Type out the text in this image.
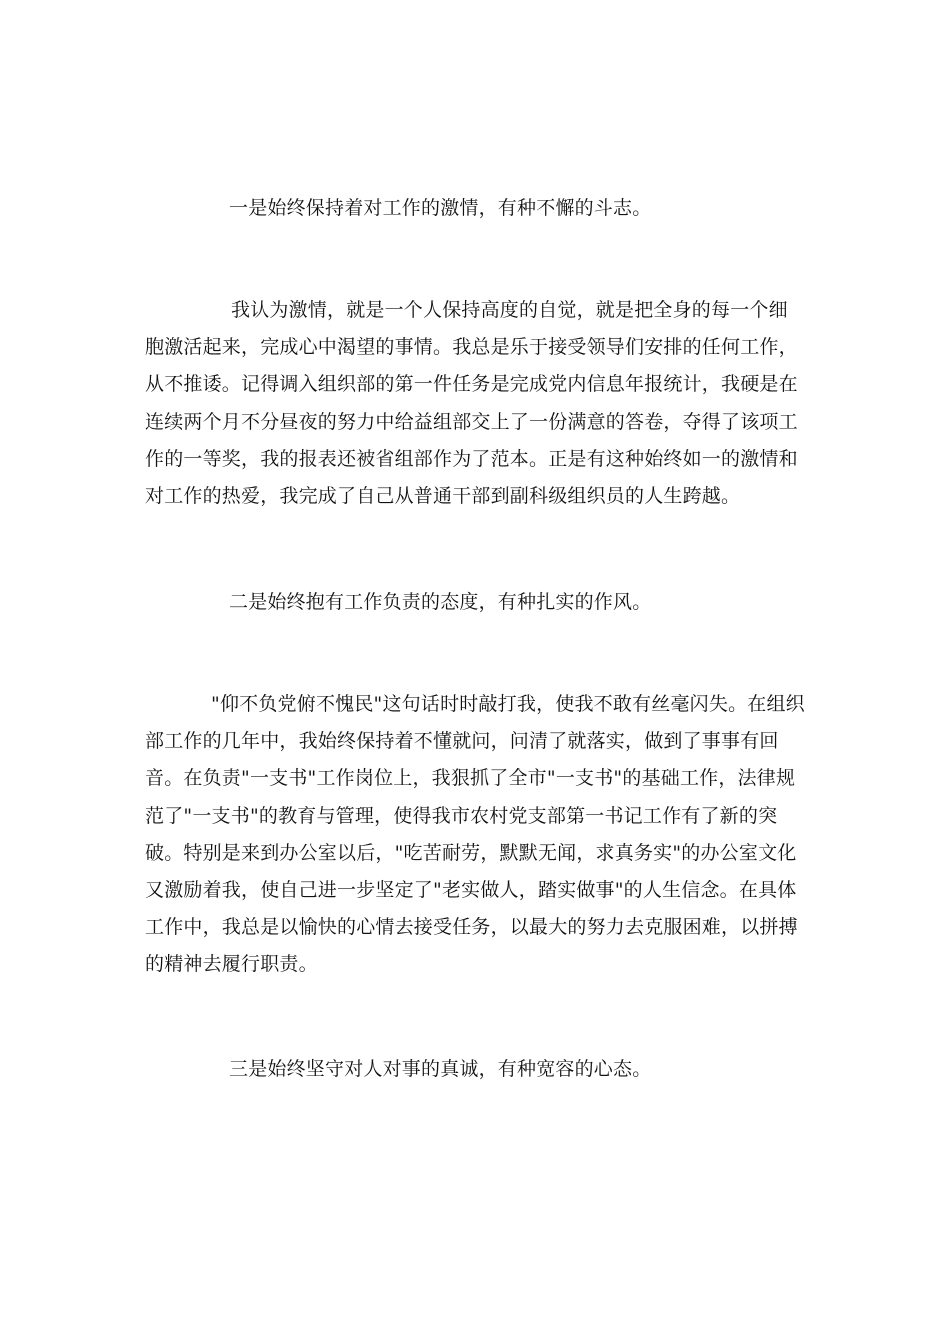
一是始终保持着对工作的激情，有种不懈的斗志。

我认为激情，就是一个人保持高度的自觉，就是把全身的每一个细胞激活起来，完成心中渴望的事情。我总是乐于接受领导们安排的任何工作，从不推诿。记得调入组织部的第一件任务是完成党内信息年报统计，我硬是在连续两个月不分昼夜的努力中给益组部交上了一份满意的答卷，夺得了该项工作的一等奖，我的报表还被省组部作为了范本。正是有这种始终如一的激情和对工作的热爱，我完成了自己从普通干部到副科级组织员的人生跨越。

二是始终抱有工作负责的态度，有种扎实的作风。

"仰不负党俯不愧民"这句话时时敲打我，使我不敢有丝毫闪失。在组织部工作的几年中，我始终保持着不懂就问，问清了就落实，做到了事事有回音。在负责"一支书"工作岗位上，我狠抓了全市"一支书"的基础工作，法律规范了"一支书"的教育与管理，使得我市农村党支部第一书记工作有了新的突破。特别是来到办公室以后，"吃苦耐劳，默默无闻，求真务实"的办公室文化又激励着我，使自己进一步坚定了"老实做人，踏实做事"的人生信念。在具体工作中，我总是以愉快的心情去接受任务，以最大的努力去克服困难，以拼搏的精神去履行职责。

三是始终坚守对人对事的真诚，有种宽容的心态。
